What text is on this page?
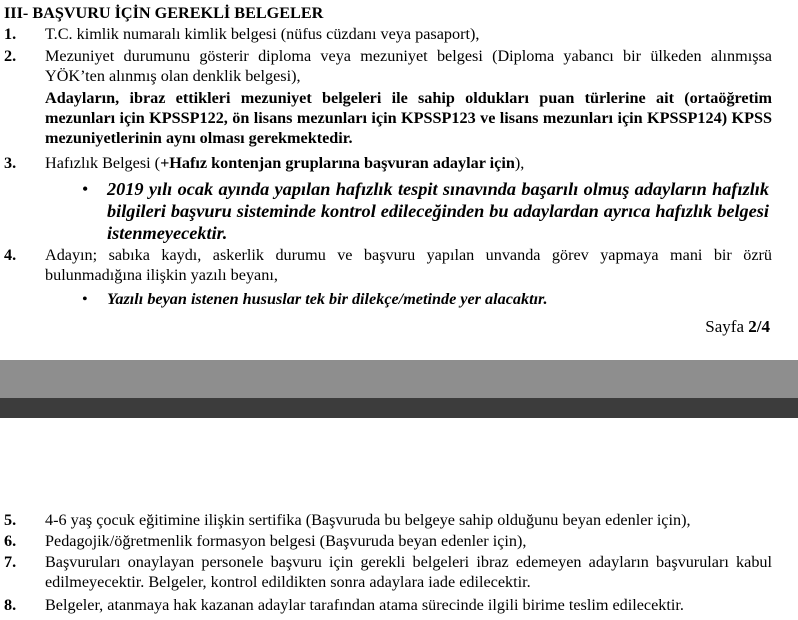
III- BAŞVURU İÇİN GEREKLİ BELGELER
1.	T.C. kimlik numaralı kimlik belgesi (nüfus cüzdanı veya pasaport),
2.	Mezuniyet durumunu gösterir diploma veya mezuniyet belgesi (Diploma yabancı bir ülkeden alınmışsa YÖK’ten alınmış olan denklik belgesi),
Adayların, ibraz ettikleri mezuniyet belgeleri ile sahip oldukları puan türlerine ait (ortaöğretim mezunları için KPSSP122, ön lisans mezunları için KPSSP123 ve lisans mezunları için KPSSP124) KPSS mezuniyetlerinin aynı olması gerekmektedir.
3.	Hafızlık Belgesi (+Hafız kontenjan gruplarına başvuran adaylar için),
• 2019 yılı ocak ayında yapılan hafızlık tespit sınavında başarılı olmuş adayların hafızlık bilgileri başvuru sisteminde kontrol edileceğinden bu adaylardan ayrıca hafızlık belgesi istenmeyecektir.
4.	Adayın; sabıka kaydı, askerlik durumu ve başvuru yapılan unvanda görev yapmaya mani bir özrü bulunmadığına ilişkin yazılı beyanı,
• Yazılı beyan istenen hususlar tek bir dilekçe/metinde yer alacaktır.
Sayfa 2/4
5.	4-6 yaş çocuk eğitimine ilişkin sertifika (Başvuruda bu belgeye sahip olduğunu beyan edenler için),
6.	Pedagojik/öğretmenlik formasyon belgesi (Başvuruda beyan edenler için),
7.	Başvuruları onaylayan personele başvuru için gerekli belgeleri ibraz edemeyen adayların başvuruları kabul edilmeyecektir. Belgeler, kontrol edildikten sonra adaylara iade edilecektir.
8.	Belgeler, atanmaya hak kazanan adaylar tarafından atama sürecinde ilgili birime teslim edilecektir.
